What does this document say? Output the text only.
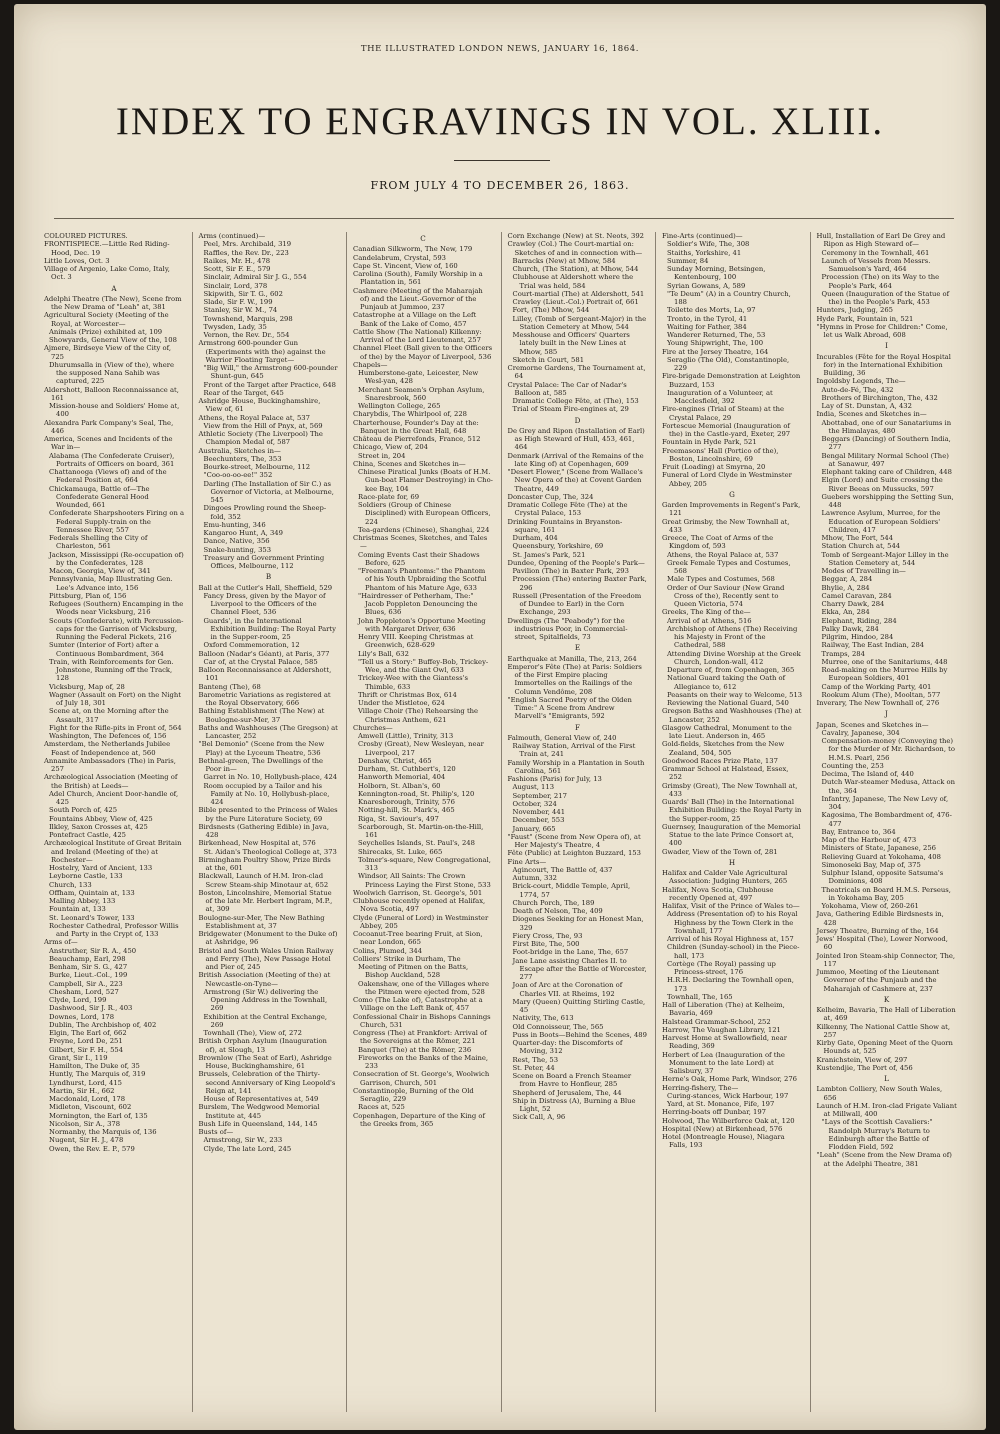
THE ILLUSTRATED LONDON NEWS, JANUARY 16, 1864.
INDEX TO ENGRAVINGS IN VOL. XLIII.
FROM JULY 4 TO DECEMBER 26, 1863.
COLOURED PICTURES.
FRONTISPIECE.—Little Red Riding-Hood, Dec. 19
Little Loves, Oct. 3
Village of Argenio, Lake Como, Italy, Oct. 3
A
Adelphi Theatre (The New), Scene from the New Drama of "Leah" at, 381
Agricultural Society (Meeting of the Royal, at Worcester—
Animals (Prize) exhibited at, 109
Showyards, General View of the, 108
Ajmere, Birdseye View of the City of, 725
Dhurumsalla in (View of the), where the supposed Nana Sahib was captured, 225
Aldershott, Balloon Reconnaissance at, 161
Mission-house and Soldiers' Home at, 400
Alexandra Park Company's Seal, The, 446
America, Scenes and Incidents of the War in—
Alabama (The Confederate Cruiser), Portraits of Officers on board, 361
Chattanooga (Views of) and of the Federal Position at, 664
Chickamauga, Battle of—The Confederate General Hood Wounded, 661
Confederate Sharpshooters Firing on a Federal Supply-train on the Tennessee River, 557
Federals Shelling the City of Charleston, 561
Jackson, Mississippi (Re-occupation of) by the Confederates, 128
Macon, Georgia, View of, 341
Pennsylvania, Map Illustrating Gen. Lee's Advance into, 156
Pittsburg, Plan of, 156
Refugees (Southern) Encamping in the Woods near Vicksburg, 216
Scouts (Confederate), with Percussion-caps for the Garrison of Vicksburg, Running the Federal Pickets, 216
Sumter (Interior of Fort) after a Continuous Bombardment, 364
Train, with Reinforcements for Gen. Johnstone, Running off the Track, 128
Vicksburg, Map of, 28
Wagner (Assault on Fort) on the Night of July 18, 301
Scene at, on the Morning after the Assault, 317
Fight for the Rifle-pits in Front of, 564
Washington, The Defences of, 156
Amsterdam, the Netherlands Jubilee Feast of Independence at, 560
Annamite Ambassadors (The) in Paris, 257
Archæological Association (Meeting of the British) at Leeds—
Adel Church, Ancient Door-handle of, 425
South Porch of, 425
Fountains Abbey, View of, 425
Ilkley, Saxon Crosses at, 425
Pontefract Castle, 425
Archæological Institute of Great Britain and Ireland (Meeting of the) at Rochester—
Hostelry, Yard of Ancient, 133
Leyborne Castle, 133
Church, 133
Offham, Quintain at, 133
Malling Abbey, 133
Fountain at, 133
St. Leonard's Tower, 133
Rochester Cathedral, Professor Willis and Party in the Crypt of, 133
Arms of—
Anstruther, Sir R. A., 450
Beauchamp, Earl, 298
Benham, Sir S. G., 427
Burke, Lieut.-Col., 199
Campbell, Sir A., 223
Chesham, Lord, 527
Clyde, Lord, 199
Dashwood, Sir J. R., 403
Downes, Lord, 178
Dublin, The Archbishop of, 402
Elgin, The Earl of, 662
Freyne, Lord De, 251
Gilbert, Sir F. H., 554
Grant, Sir I., 119
Hamilton, The Duke of, 35
Huntly, The Marquis of, 319
Lyndhurst, Lord, 415
Martin, Sir H., 662
Macdonald, Lord, 178
Midleton, Viscount, 602
Mornington, the Earl of, 135
Nicolson, Sir A., 378
Normanby, the Marquis of, 136
Nugent, Sir H. J., 478
Owen, the Rev. E. P., 579
Arms (continued)—
Peel, Mrs. Archibald, 319
Raffles, the Rev. Dr., 223
Raikes, Mr. H., 478
Scott, Sir F. E., 579
Sinclair, Admiral Sir J. G., 554
Sinclair, Lord, 378
Skipwith, Sir T. G., 602
Slade, Sir F. W., 199
Stanley, Sir W. M., 74
Townshend, Marquis, 298
Twysden, Lady, 35
Vernon, the Rev. Dr., 554
Armstrong 600-pounder Gun (Experiments with the) against the Warrior Floating Target—
"Big Will," the Armstrong 600-pounder Shunt-gun, 645
Front of the Target after Practice, 648
Rear of the Target, 645
Ashridge House, Buckinghamshire, View of, 61
Athens, the Royal Palace at, 537
View from the Hill of Pnyx, at, 569
Athletic Society (The Liverpool) The Champion Medal of, 587
Australia, Sketches in—
Beechunters, The, 353
Bourke-street, Melbourne, 112
"Coo-oo-oo-ee!" 352
Darling (The Installation of Sir C.) as Governor of Victoria, at Melbourne, 545
Dingoes Prowling round the Sheep-fold, 352
Emu-hunting, 346
Kangaroo Hunt, A, 349
Dance, Native, 356
Snake-hunting, 353
Treasury and Government Printing Offices, Melbourne, 112
B
Ball at the Cutler's Hall, Sheffield, 529
Fancy Dress, given by the Mayor of Liverpool to the Officers of the Channel Fleet, 536
Guards', in the International Exhibition Building: The Royal Party in the Supper-room, 25
Oxford Commemoration, 12
Balloon (Nadar's Géant), at Paris, 377
Car of, at the Crystal Palace, 585
Balloon Reconnaissance at Aldershott, 101
Banteng (The), 68
Barometric Variations as registered at the Royal Observatory, 666
Bathing Establishment (The New) at Boulogne-sur-Mer, 37
Baths and Washhouses (The Gregson) at Lancaster, 252
"Bel Demonio" (Scene from the New Play) at the Lyceum Theatre, 536
Bethnal-green, The Dwellings of the Poor in—
Garret in No. 10, Hollybush-place, 424
Room occupied by a Tailor and his Family at No. 10, Hollybush-place, 424
Bible presented to the Princess of Wales by the Pure Literature Society, 69
Birdsnests (Gathering Edible) in Java, 428
Birkenhead, New Hospital at, 576
St. Aidan's Theological College at, 373
Birmingham Poultry Show, Prize Birds at the, 601
Blackwall, Launch of H.M. Iron-clad Screw Steam-ship Minotaur at, 652
Boston, Lincolnshire, Memorial Statue of the late Mr. Herbert Ingram, M.P., at, 309
Boulogne-sur-Mer, The New Bathing Establishment at, 37
Bridgewater (Monument to the Duke of) at Ashridge, 96
Bristol and South Wales Union Railway and Ferry (The), New Passage Hotel and Pier of, 245
British Association (Meeting of the) at Newcastle-on-Tyne—
Armstrong (Sir W.) delivering the Opening Address in the Townhall, 269
Exhibition at the Central Exchange, 269
Townhall (The), View of, 272
British Orphan Asylum (Inauguration of), at Slough, 13
Brownlow (The Seat of Earl), Ashridge House, Buckinghamshire, 61
Brussels, Celebration of the Thirty-second Anniversary of King Leopold's Reign at, 141
House of Representatives at, 549
Burslem, The Wedgwood Memorial Institute at, 445
Bush Life in Queensland, 144, 145
Busts of—
Armstrong, Sir W., 233
Clyde, The late Lord, 245
C
Canadian Silkworm, The New, 179
Candelabrum, Crystal, 593
Cape St. Vincent, View of, 160
Carolina (South), Family Worship in a Plantation in, 561
Cashmere (Meeting of the Maharajah of) and the Lieut.-Governor of the Punjaub at Jummoo, 237
Catastrophe at a Village on the Left Bank of the Lake of Como, 457
Cattle Show (The National) Kilkenny: Arrival of the Lord Lieutenant, 257
Channel Fleet (Ball given to the Officers of the) by the Mayor of Liverpool, 536
Chapels—
Humberstone-gate, Leicester, New Wesl-yan, 428
Merchant Seamen's Orphan Asylum, Snaresbrook, 560
Wellington College, 265
Charybdis, The Whirlpool of, 228
Charterhouse, Founder's Day at the: Banquet in the Great Hall, 648
Château de Pierrefonds, France, 512
Chicago, View of, 204
Street in, 204
China, Scenes and Sketches in—
Chinese Piratical Junks (Boats of H.M. Gun-boat Flamer Destroying) in Cho-kee Bay, 104
Race-plate for, 69
Soldiers (Group of Chinese Disciplined) with European Officers, 224
Tea-gardens (Chinese), Shanghai, 224
Christmas Scenes, Sketches, and Tales—
Coming Events Cast their Shadows Before, 625
"Freeman's Phantoms:" the Phantom of his Youth Upbraiding the Scotful Phantom of his Mature Age, 633
"Hairdresser of Petherham, The:" Jacob Poppleton Denouncing the Blues, 636
John Poppleton's Opportune Meeting with Margaret Driver, 636
Henry VIII. Keeping Christmas at Greenwich, 628-629
Lily's Ball, 632
"Tell us a Story:" Buffey-Bob, Trickey-Wee, and the Giant Owl, 633
Trickey-Wee with the Giantess's Thimble, 633
Thrift or Christmas Box, 614
Under the Mistletoe, 624
Village Choir (The) Rehearsing the Christmas Anthem, 621
Churches—
Amwell (Little), Trinity, 313
Crosby (Great), New Wesleyan, near Liverpool, 217
Denshaw, Christ, 465
Durham, St. Cuthbert's, 120
Hanworth Memorial, 404
Holborn, St. Alban's, 60
Kennington-road, St. Philip's, 120
Knaresborough, Trinity, 576
Notting-hill, St. Mark's, 465
Riga, St. Saviour's, 497
Scarborough, St. Martin-on-the-Hill, 161
Seychelles Islands, St. Paul's, 248
Shirecaks, St. Luke, 665
Tolmer's-square, New Congregational, 313
Windsor, All Saints: The Crown Princess Laying the First Stone, 533
Woolwich Garrison, St. George's, 501
Clubhouse recently opened at Halifax, Nova Scotia, 497
Clyde (Funeral of Lord) in Westminster Abbey, 205
Cocoanut-Tree bearing Fruit, at Sion, near London, 665
Colins, Plumed, 344
Colliers' Strike in Durham, The
Meeting of Pitmen on the Batts, Bishop Auckland, 528
Oakenshaw, one of the Villages where the Pitmen were ejected from, 528
Como (The Lake of), Catastrophe at a Village on the Left Bank of, 457
Confessional Chair in Bishops Cannings Church, 531
Congress (The) at Frankfort: Arrival of the Sovereigns at the Römer, 221
Banquet (The) at the Römer, 236
Fireworks on the Banks of the Maine, 233
Consecration of St. George's, Woolwich Garrison, Church, 501
Constantinople, Burning of the Old Seraglio, 229
Races at, 525
Copenhagen, Departure of the King of the Greeks from, 365
Corn Exchange (New) at St. Neots, 392
Crawley (Col.) The Court-martial on: Sketches of and in connection with—
Barracks (New) at Mhow, 584
Church, (The Station), at Mhow, 544
Clubhouse at Aldershott where the Trial was held, 584
Court-martial (The) at Aldershott, 541
Crawley (Lieut.-Col.) Portrait of, 661
Fort, (The) Mhow, 544
Lilley, (Tomb of Sergeant-Major) in the Station Cemetery at Mhow, 544
Messhouse and Officers' Quarters lately built in the New Lines at Mhow, 585
Sketch in Court, 581
Cremorne Gardens, The Tournament at, 64
Crystal Palace: The Car of Nadar's Balloon at, 585
Dramatic College Fête, at (The), 153
Trial of Steam Fire-engines at, 29
D
De Grey and Ripon (Installation of Earl) as High Steward of Hull, 453, 461, 464
Denmark (Arrival of the Remains of the late King of) at Copenhagen, 609
"Desert Flower," (Scene from Wallace's New Opera of the) at Covent Garden Theatre, 449
Doncaster Cup, The, 324
Dramatic College Fête (The) at the Crystal Palace, 153
Drinking Fountains in Bryanston-square, 161
Durham, 404
Queensbury, Yorkshire, 69
St. James's Park, 521
Dundee, Opening of the People's Park—
Pavilion (The) in Baxter Park, 293
Procession (The) entering Baxter Park, 296
Russell (Presentation of the Freedom of Dundee to Earl) in the Corn Exchange, 293
Dwellings (The "Peabody") for the industrious Poor, in Commercial-street, Spitalfields, 73
E
Earthquake at Manilla, The, 213, 264
Emperor's Fête (The) at Paris: Soldiers of the First Empire placing Immortelles on the Railings of the Column Vendôme, 208
"English Sacred Poetry of the Olden Time:" A Scene from Andrew Marvell's "Emigrants, 592
F
Falmouth, General View of, 240
Railway Station, Arrival of the First Train at, 241
Family Worship in a Plantation in South Carolina, 561
Fashions (Paris) for July, 13
August, 113
September, 217
October, 324
November, 441
December, 553
January, 665
"Faust" (Scene from New Opera of), at Her Majesty's Theatre, 4
Fête (Public) at Leighton Buzzard, 153
Fine Arts—
Agincourt, The Battle of, 437
Autumn, 332
Brick-court, Middle Temple, April, 1774, 57
Church Porch, The, 189
Death of Nelson, The, 409
Diogenes Seeking for an Honest Man, 329
Fiery Cross, The, 93
First Bite, The, 500
Foot-bridge in the Lane, The, 657
Jane Lane assisting Charles II. to Escape after the Battle of Worcester, 277
Joan of Arc at the Coronation of Charles VII. at Rheims, 192
Mary (Queen) Quitting Stirling Castle, 45
Nativity, The, 613
Old Connoisseur, The, 565
Puss in Boots—Behind the Scenes, 489
Quarter-day: the Discomforts of Moving, 312
Rest, The, 53
St. Peter, 44
Scene on Board a French Steamer from Havre to Honfleur, 285
Shepherd of Jerusalem, The, 44
Ship in Distress (A), Burning a Blue Light, 52
Sick Call, A, 96
Fine-Arts (continued)—
Soldier's Wife, The, 308
Staiths, Yorkshire, 41
Summer, 84
Sunday Morning, Betsingen, Kentenbourg, 100
Syrian Gowans, A, 589
"Te Deum" (A) in a Country Church, 188
Toilette des Morts, La, 97
Tronto, in the Tyrol, 41
Waiting for Father, 384
Wanderer Returned, The, 53
Young Shipwright, The, 100
Fire at the Jersey Theatre, 164
Seraglio (The Old), Constantinople, 229
Fire-brigade Demonstration at Leighton Buzzard, 153
Inauguration of a Volunteer, at Macclesfield, 392
Fire-engines (Trial of Steam) at the Crystal Palace, 29
Fortescue Memorial (Inauguration of the) in the Castle-yard, Exeter, 297
Fountain in Hyde Park, 521
Freemasons' Hall (Portico of the), Boston, Lincolnshire, 69
Fruit (Loading) at Smyrna, 20
Funeral of Lord Clyde in Westminster Abbey, 205
G
Garden Improvements in Regent's Park, 121
Great Grimsby, the New Townhall at, 433
Greece, The Coat of Arms of the Kingdom of, 593
Athens, the Royal Palace at, 537
Greek Female Types and Costumes, 568
Male Types and Costumes, 568
Order of Our Saviour (New Grand Cross of the), Recently sent to Queen Victoria, 574
Greeks, The King of the—
Arrival of at Athens, 516
Archbishop of Athens (The) Receiving his Majesty in Front of the Cathedral, 588
Attending Divine Worship at the Greek Church, London-wall, 412
Departure of, from Copenhagen, 365
National Guard taking the Oath of Allegiance to, 612
Peasants on their way to Welcome, 513
Reviewing the National Guard, 540
Gregson Baths and Washhouses (The) at Lancaster, 252
Glasgow Cathedral, Monument to the late Lieut. Anderson in, 465
Gold-fields, Sketches from the New Zealand, 504, 505
Goodwood Races Prize Plate, 137
Grammar School at Halstead, Essex, 252
Grimsby (Great), The New Townhall at, 433
Guards' Ball (The) in the International Exhibition Building: the Royal Party in the Supper-room, 25
Guernsey, Inauguration of the Memorial Statue to the late Prince Consort at, 400
Gwader, View of the Town of, 281
H
Halifax and Calder Vale Agricultural Association: Judging Hunters, 265
Halifax, Nova Scotia, Clubhouse recently Opened at, 497
Halifax, Visit of the Prince of Wales to—
Address (Presentation of) to his Royal Highness by the Town Clerk in the Townhall, 177
Arrival of his Royal Highness at, 157
Children (Sunday-school) in the Piece-hall, 173
Cortège (The Royal) passing up Princess-street, 176
H.R.H. Declaring the Townhall open, 173
Townhall, The, 165
Hall of Liberation (The) at Kelheim, Bavaria, 469
Halstead Grammar-School, 252
Harrow, The Vaughan Library, 121
Harvest Home at Swallowfield, near Reading, 369
Herbert of Lea (Inauguration of the Monument to the late Lord) at Salisbury, 37
Herne's Oak, Home Park, Windsor, 276
Herring-fishery, The—
Curing-stances, Wick Harbour, 197
Yard, at St. Monance, Fife, 197
Herring-boats off Dunbar, 197
Holwood, The Wilberforce Oak at, 120
Hospital (New) at Birkenhead, 576
Hotel (Montreagle House), Niagara Falls, 193
Hull, Installation of Earl De Grey and Ripon as High Steward of—
Ceremony in the Townhall, 461
Launch of Vessels from Messrs. Samuelson's Yard, 464
Procession (The) on its Way to the People's Park, 464
Queen (Inauguration of the Statue of the) in the People's Park, 453
Hunters, Judging, 265
Hyde Park, Fountain in, 521
"Hymns in Prose for Children:" Come, let us Walk Abroad, 608
I
Incurables (Fête for the Royal Hospital for) in the International Exhibition Building, 36
Ingoldsby Legends, The—
Auto-de-Fé, The, 432
Brothers of Birchington, The, 432
Lay of St. Dunstan, A, 432
India, Scenes and Sketches in—
Abottabad, one of our Sanatariums in the Himalayas, 480
Beggars (Dancing) of Southern India, 277
Bengal Military Normal School (The) at Sanawur, 497
Elephant taking care of Children, 448
Elgin (Lord) and Suite crossing the River Beeas on Mussucks, 597
Guebers worshipping the Setting Sun, 448
Lawrence Asylum, Murree, for the Education of European Soldiers' Children, 417
Mhow, The Fort, 544
Station Church at, 544
Tomb of Sergeant-Major Lilley in the Station Cemetery at, 544
Modes of Travelling in—
Beggar, A, 284
Bhylie, A, 284
Camel Caravan, 284
Charry Dawk, 284
Ekka, An, 284
Elephant, Riding, 284
Palky Dawk, 284
Pilgrim, Hindoo, 284
Railway, The East Indian, 284
Tramps, 284
Murree, one of the Sanitariums, 448
Road-making on the Murree Hills by European Soldiers, 401
Camp of the Working Party, 401
Rookum Alum (The), Mooltan, 577
Inverary, The New Townhall of, 276
J
Japan, Scenes and Sketches in—
Cavalry, Japanese, 304
Compensation-money (Conveying the) for the Murder of Mr. Richardson, to H.M.S. Pearl, 256
Counting the, 253
Decima, The Island of, 440
Dutch War-steamer Medusa, Attack on the, 364
Infantry, Japanese, The New Levy of, 304
Kagosima, The Bombardment of, 476-477
Bay, Entrance to, 364
Map of the Harbour of, 473
Ministers of State, Japanese, 256
Relieving Guard at Yokohama, 408
Simonoseki Bay, Map of, 375
Sulphur Island, opposite Satsuma's Dominions, 408
Theatricals on Board H.M.S. Perseus, in Yokohama Bay, 205
Yokohama, View of, 260-261
Java, Gathering Edible Birdsnests in, 428
Jersey Theatre, Burning of the, 164
Jews' Hospital (The), Lower Norwood, 60
Jointed Iron Steam-ship Connector, The, 117
Jummoo, Meeting of the Lieutenant Governor of the Punjaub and the Maharajah of Cashmere at, 237
K
Kelheim, Bavaria, The Hall of Liberation at, 469
Kilkenny, The National Cattle Show at, 257
Kirby Gate, Opening Meet of the Quorn Hounds at, 525
Kranichstein, View of, 297
Kustendjie, The Port of, 456
L
Lambton Colliery, New South Wales, 656
Launch of H.M. Iron-clad Frigate Valiant at Millwall, 400
"Lays of the Scottish Cavaliers:" Randolph Murray's Return to Edinburgh after the Battle of Flodden Field, 592
"Leah" (Scene from the New Drama of) at the Adelphi Theatre, 381
